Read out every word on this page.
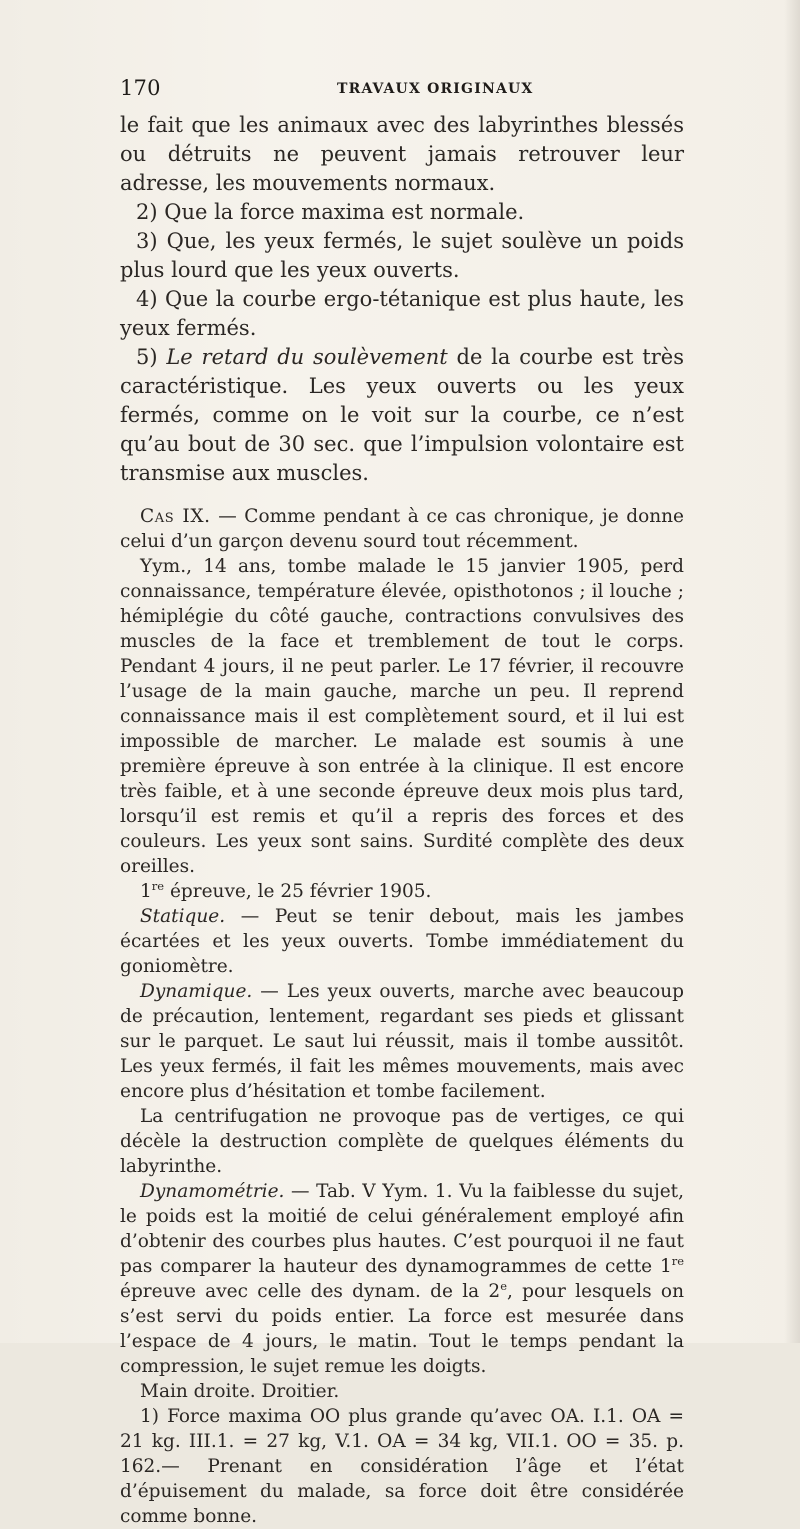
170	TRAVAUX ORIGINAUX

le fait que les animaux avec des labyrinthes blessés ou détruits ne peuvent jamais retrouver leur adresse, les mouvements normaux.

2) Que la force maxima est normale.

3) Que, les yeux fermés, le sujet soulève un poids plus lourd que les yeux ouverts.

4) Que la courbe ergo-tétanique est plus haute, les yeux fermés.

5) Le retard du soulèvement de la courbe est très caractéristique. Les yeux ouverts ou les yeux fermés, comme on le voit sur la courbe, ce n’est qu’au bout de 30 sec. que l’impulsion volontaire est transmise aux muscles.

Cas IX. — Comme pendant à ce cas chronique, je donne celui d’un garçon devenu sourd tout récemment.

Yym., 14 ans, tombe malade le 15 janvier 1905, perd connaissance, température élevée, opisthotonos ; il louche ; hémiplégie du côté gauche, contractions convulsives des muscles de la face et tremblement de tout le corps. Pendant 4 jours, il ne peut parler. Le 17 février, il recouvre l’usage de la main gauche, marche un peu. Il reprend connaissance mais il est complètement sourd, et il lui est impossible de marcher. Le malade est soumis à une première épreuve à son entrée à la clinique. Il est encore très faible, et à une seconde épreuve deux mois plus tard, lorsqu’il est remis et qu’il a repris des forces et des couleurs. Les yeux sont sains. Surdité complète des deux oreilles.

1re épreuve, le 25 février 1905.

Statique. — Peut se tenir debout, mais les jambes écartées et les yeux ouverts. Tombe immédiatement du goniomètre.

Dynamique. — Les yeux ouverts, marche avec beaucoup de précaution, lentement, regardant ses pieds et glissant sur le parquet. Le saut lui réussit, mais il tombe aussitôt. Les yeux fermés, il fait les mêmes mouvements, mais avec encore plus d’hésitation et tombe facilement.

La centrifugation ne provoque pas de vertiges, ce qui décèle la destruction complète de quelques éléments du labyrinthe.

Dynamométrie. — Tab. V Yym. 1. Vu la faiblesse du sujet, le poids est la moitié de celui généralement employé afin d’obtenir des courbes plus hautes. C’est pourquoi il ne faut pas comparer la hauteur des dynamogrammes de cette 1re épreuve avec celle des dynam. de la 2e, pour lesquels on s’est servi du poids entier. La force est mesurée dans l’espace de 4 jours, le matin. Tout le temps pendant la compression, le sujet remue les doigts.

Main droite. Droitier.

1) Force maxima OO plus grande qu’avec OA. I.1. OA = 21 kg. III.1. = 27 kg, V.1. OA = 34 kg, VII.1. OO = 35. p. 162.— Prenant en considération l’âge et l’état d’épuisement du malade, sa force doit être considérée comme bonne.
